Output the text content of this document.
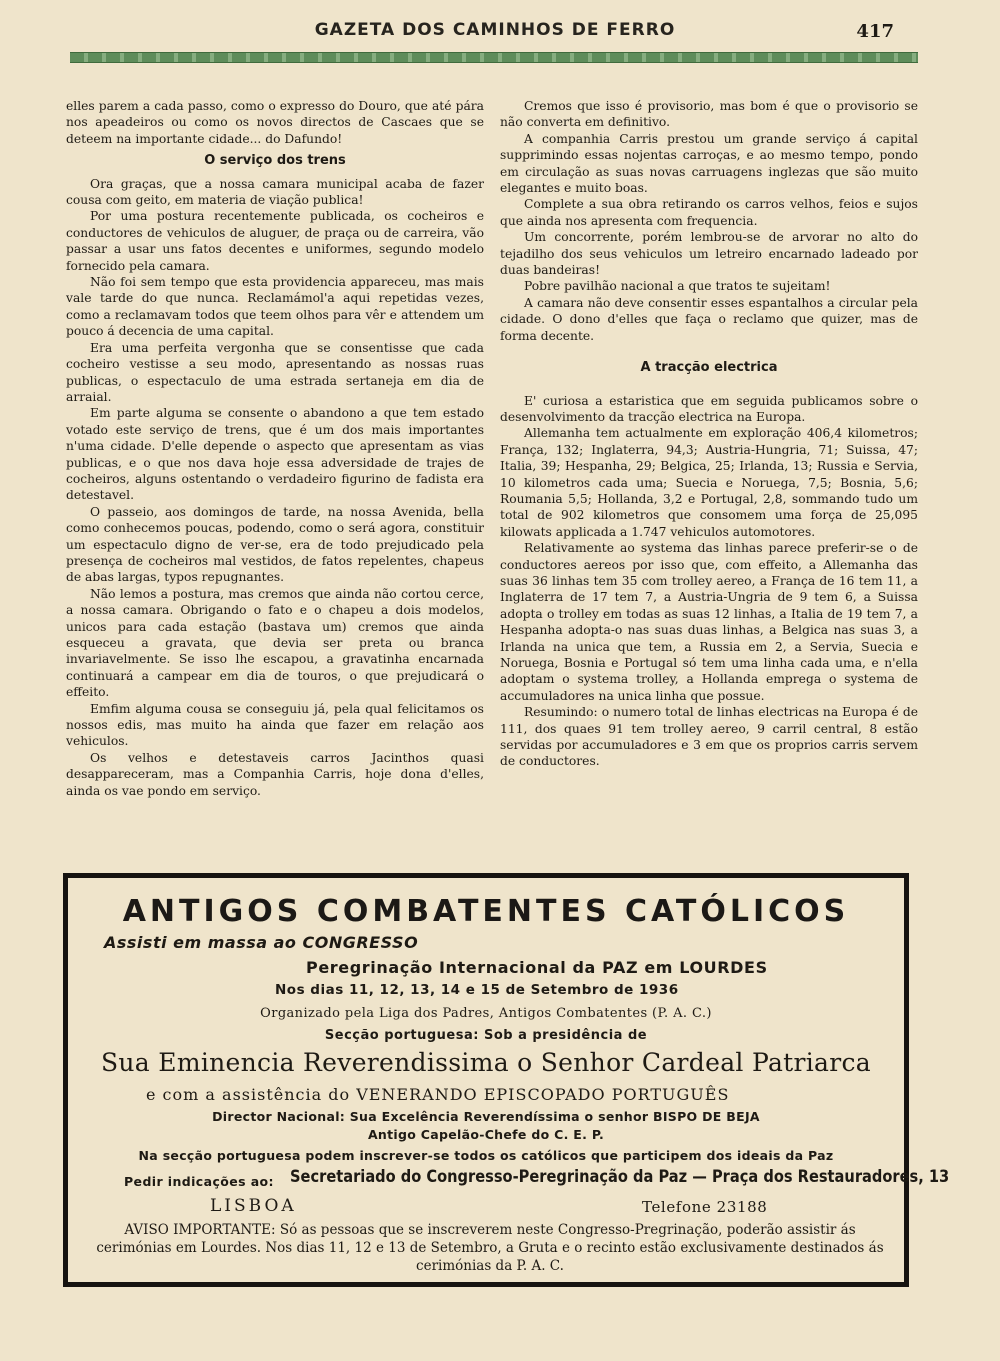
GAZETA DOS CAMINHOS DE FERRO	417

elles parem a cada passo, como o expresso do Douro, que até pára nos apeadeiros ou como os novos directos de Cascaes que se deteem na importante cidade... do Dafundo!

O serviço dos trens

Ora graças, que a nossa camara municipal acaba de fazer cousa com geito, em materia de viação publica!

Por uma postura recentemente publicada, os cocheiros e conductores de vehiculos de aluguer, de praça ou de carreira, vão passar a usar uns fatos decentes e uniformes, segundo modelo fornecido pela camara.

Não foi sem tempo que esta providencia appareceu, mas mais vale tarde do que nunca. Reclamámol'a aqui repetidas vezes, como a reclamavam todos que teem olhos para vêr e attendem um pouco á decencia de uma capital.

Era uma perfeita vergonha que se consentisse que cada cocheiro vestisse a seu modo, apresentando as nossas ruas publicas, o espectaculo de uma estrada sertaneja em dia de arraial.

Em parte alguma se consente o abandono a que tem estado votado este serviço de trens, que é um dos mais importantes n'uma cidade. D'elle depende o aspecto que apresentam as vias publicas, e o que nos dava hoje essa adversidade de trajes de cocheiros, alguns ostentando o verdadeiro figurino de fadista era detestavel.

O passeio, aos domingos de tarde, na nossa Avenida, bella como conhecemos poucas, podendo, como o será agora, constituir um espectaculo digno de ver-se, era de todo prejudicado pela presença de cocheiros mal vestidos, de fatos repelentes, chapeus de abas largas, typos repugnantes.

Não lemos a postura, mas cremos que ainda não cortou cerce, a nossa camara. Obrigando o fato e o chapeu a dois modelos, unicos para cada estação (bastava um) cremos que ainda esqueceu a gravata, que devia ser preta ou branca invariavelmente. Se isso lhe escapou, a gravatinha encarnada continuará a campear em dia de touros, o que prejudicará o effeito.

Emfim alguma cousa se conseguiu já, pela qual felicitamos os nossos edis, mas muito ha ainda que fazer em relação aos vehiculos.

Os velhos e detestaveis carros Jacinthos quasi desappareceram, mas a Companhia Carris, hoje dona d'elles, ainda os vae pondo em serviço.

Cremos que isso é provisorio, mas bom é que o provisorio se não converta em definitivo.

A companhia Carris prestou um grande serviço á capital supprimindo essas nojentas carroças, e ao mesmo tempo, pondo em circulação as suas novas carruagens inglezas que são muito elegantes e muito boas.

Complete a sua obra retirando os carros velhos, feios e sujos que ainda nos apresenta com frequencia.

Um concorrente, porém lembrou-se de arvorar no alto do tejadilho dos seus vehiculos um letreiro encarnado ladeado por duas bandeiras!

Pobre pavilhão nacional a que tratos te sujeitam!

A camara não deve consentir esses espantalhos a circular pela cidade. O dono d'elles que faça o reclamo que quizer, mas de forma decente.

A tracção electrica

E' curiosa a estaristica que em seguida publicamos sobre o desenvolvimento da tracção electrica na Europa.

Allemanha tem actualmente em exploração 406,4 kilometros; França, 132; Inglaterra, 94,3; Austria-Hungria, 71; Suissa, 47; Italia, 39; Hespanha, 29; Belgica, 25; Irlanda, 13; Russia e Servia, 10 kilometros cada uma; Suecia e Noruega, 7,5; Bosnia, 5,6; Roumania 5,5; Hollanda, 3,2 e Portugal, 2,8, sommando tudo um total de 902 kilometros que consomem uma força de 25,095 kilowats applicada a 1.747 vehiculos automotores.

Relativamente ao systema das linhas parece preferir-se o de conductores aereos por isso que, com effeito, a Allemanha das suas 36 linhas tem 35 com trolley aereo, a França de 16 tem 11, a Inglaterra de 17 tem 7, a Austria-Ungria de 9 tem 6, a Suissa adopta o trolley em todas as suas 12 linhas, a Italia de 19 tem 7, a Hespanha adopta-o nas suas duas linhas, a Belgica nas suas 3, a Irlanda na unica que tem, a Russia em 2, a Servia, Suecia e Noruega, Bosnia e Portugal só tem uma linha cada uma, e n'ella adoptam o systema trolley, a Hollanda emprega o systema de accumuladores na unica linha que possue.

Resumindo: o numero total de linhas electricas na Europa é de 111, dos quaes 91 tem trolley aereo, 9 carril central, 8 estão servidas por accumuladores e 3 em que os proprios carris servem de conductores.

ANTIGOS COMBATENTES CATÓLICOS
Assisti em massa ao CONGRESSO
Peregrinação Internacional da PAZ em LOURDES
Nos dias 11, 12, 13, 14 e 15 de Setembro de 1936
Organizado pela Liga dos Padres, Antigos Combatentes (P. A. C.)
Secção portuguesa: Sob a presidência de
Sua Eminencia Reverendissima o Senhor Cardeal Patriarca
e com a assistência do VENERANDO EPISCOPADO PORTUGUÊS
Director Nacional: Sua Excelência Reverendíssima o senhor BISPO DE BEJA
Antigo Capelão-Chefe do C. E. P.
Na secção portuguesa podem inscrever-se todos os católicos que participem dos ideais da Paz
Pedir indicações ao: Secretariado do Congresso-Peregrinação da Paz — Praça dos Restauradores, 13
LISBOA	Telefone 23188
AVISO IMPORTANTE: Só as pessoas que se inscreverem neste Congresso-Pregrinação, poderão assistir ás cerimónias em Lourdes. Nos dias 11, 12 e 13 de Setembro, a Gruta e o recinto estão exclusivamente destinados ás cerimónias da P. A. C.
